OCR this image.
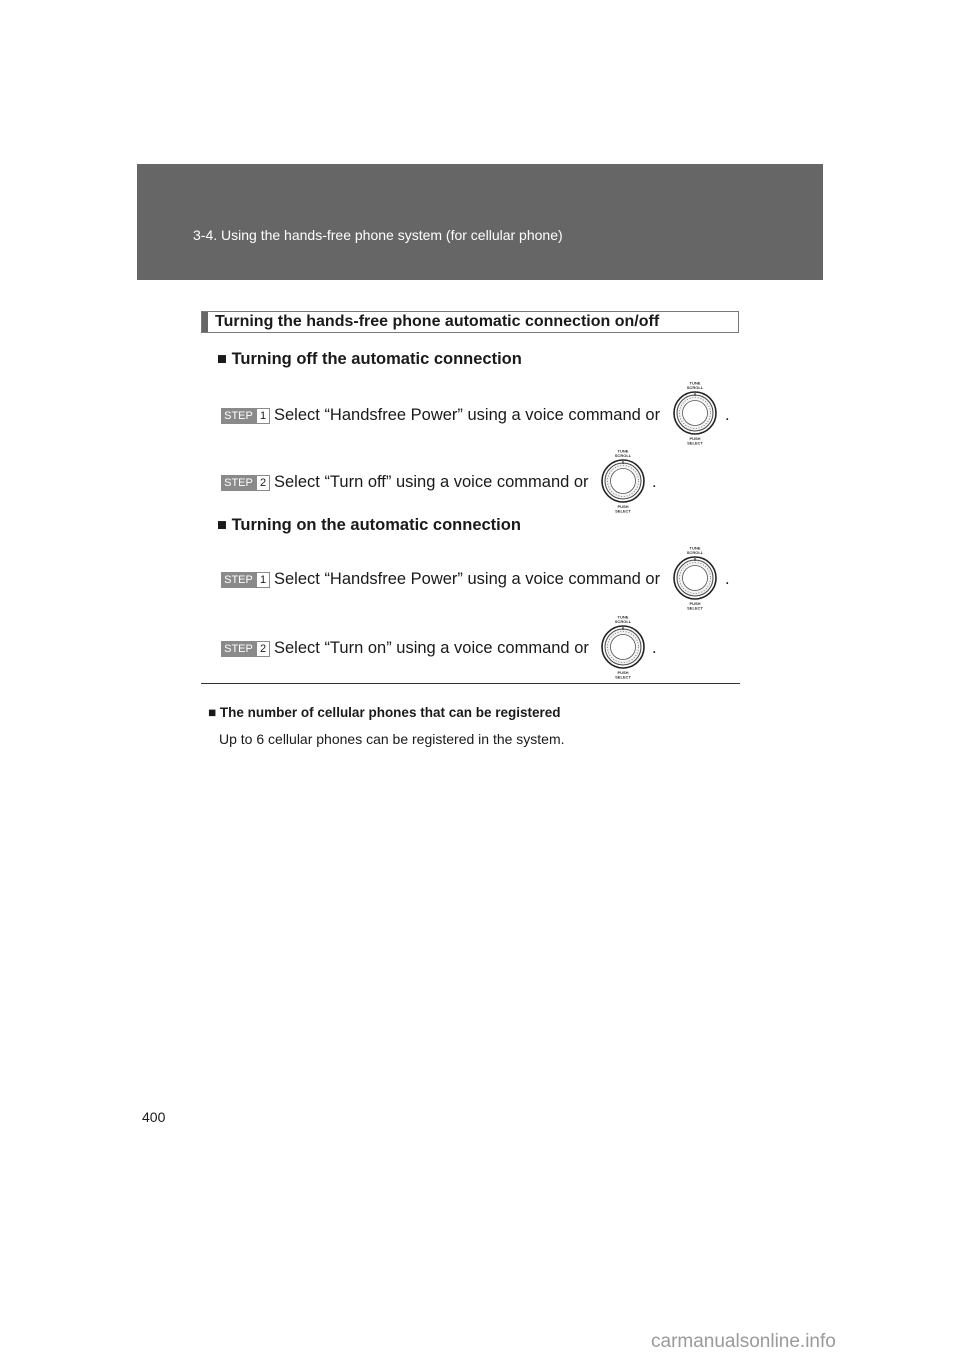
3-4. Using the hands-free phone system (for cellular phone)
Turning the hands-free phone automatic connection on/off
■ Turning off the automatic connection
STEP 1 Select “Handsfree Power” using a voice command or	.
STEP 2 Select “Turn off” using a voice command or	.
■ Turning on the automatic connection
STEP 1 Select “Handsfree Power” using a voice command or	.
STEP 2 Select “Turn on” using a voice command or	.
■ The number of cellular phones that can be registered
Up to 6 cellular phones can be registered in the system.
400
carmanualsonline.info
